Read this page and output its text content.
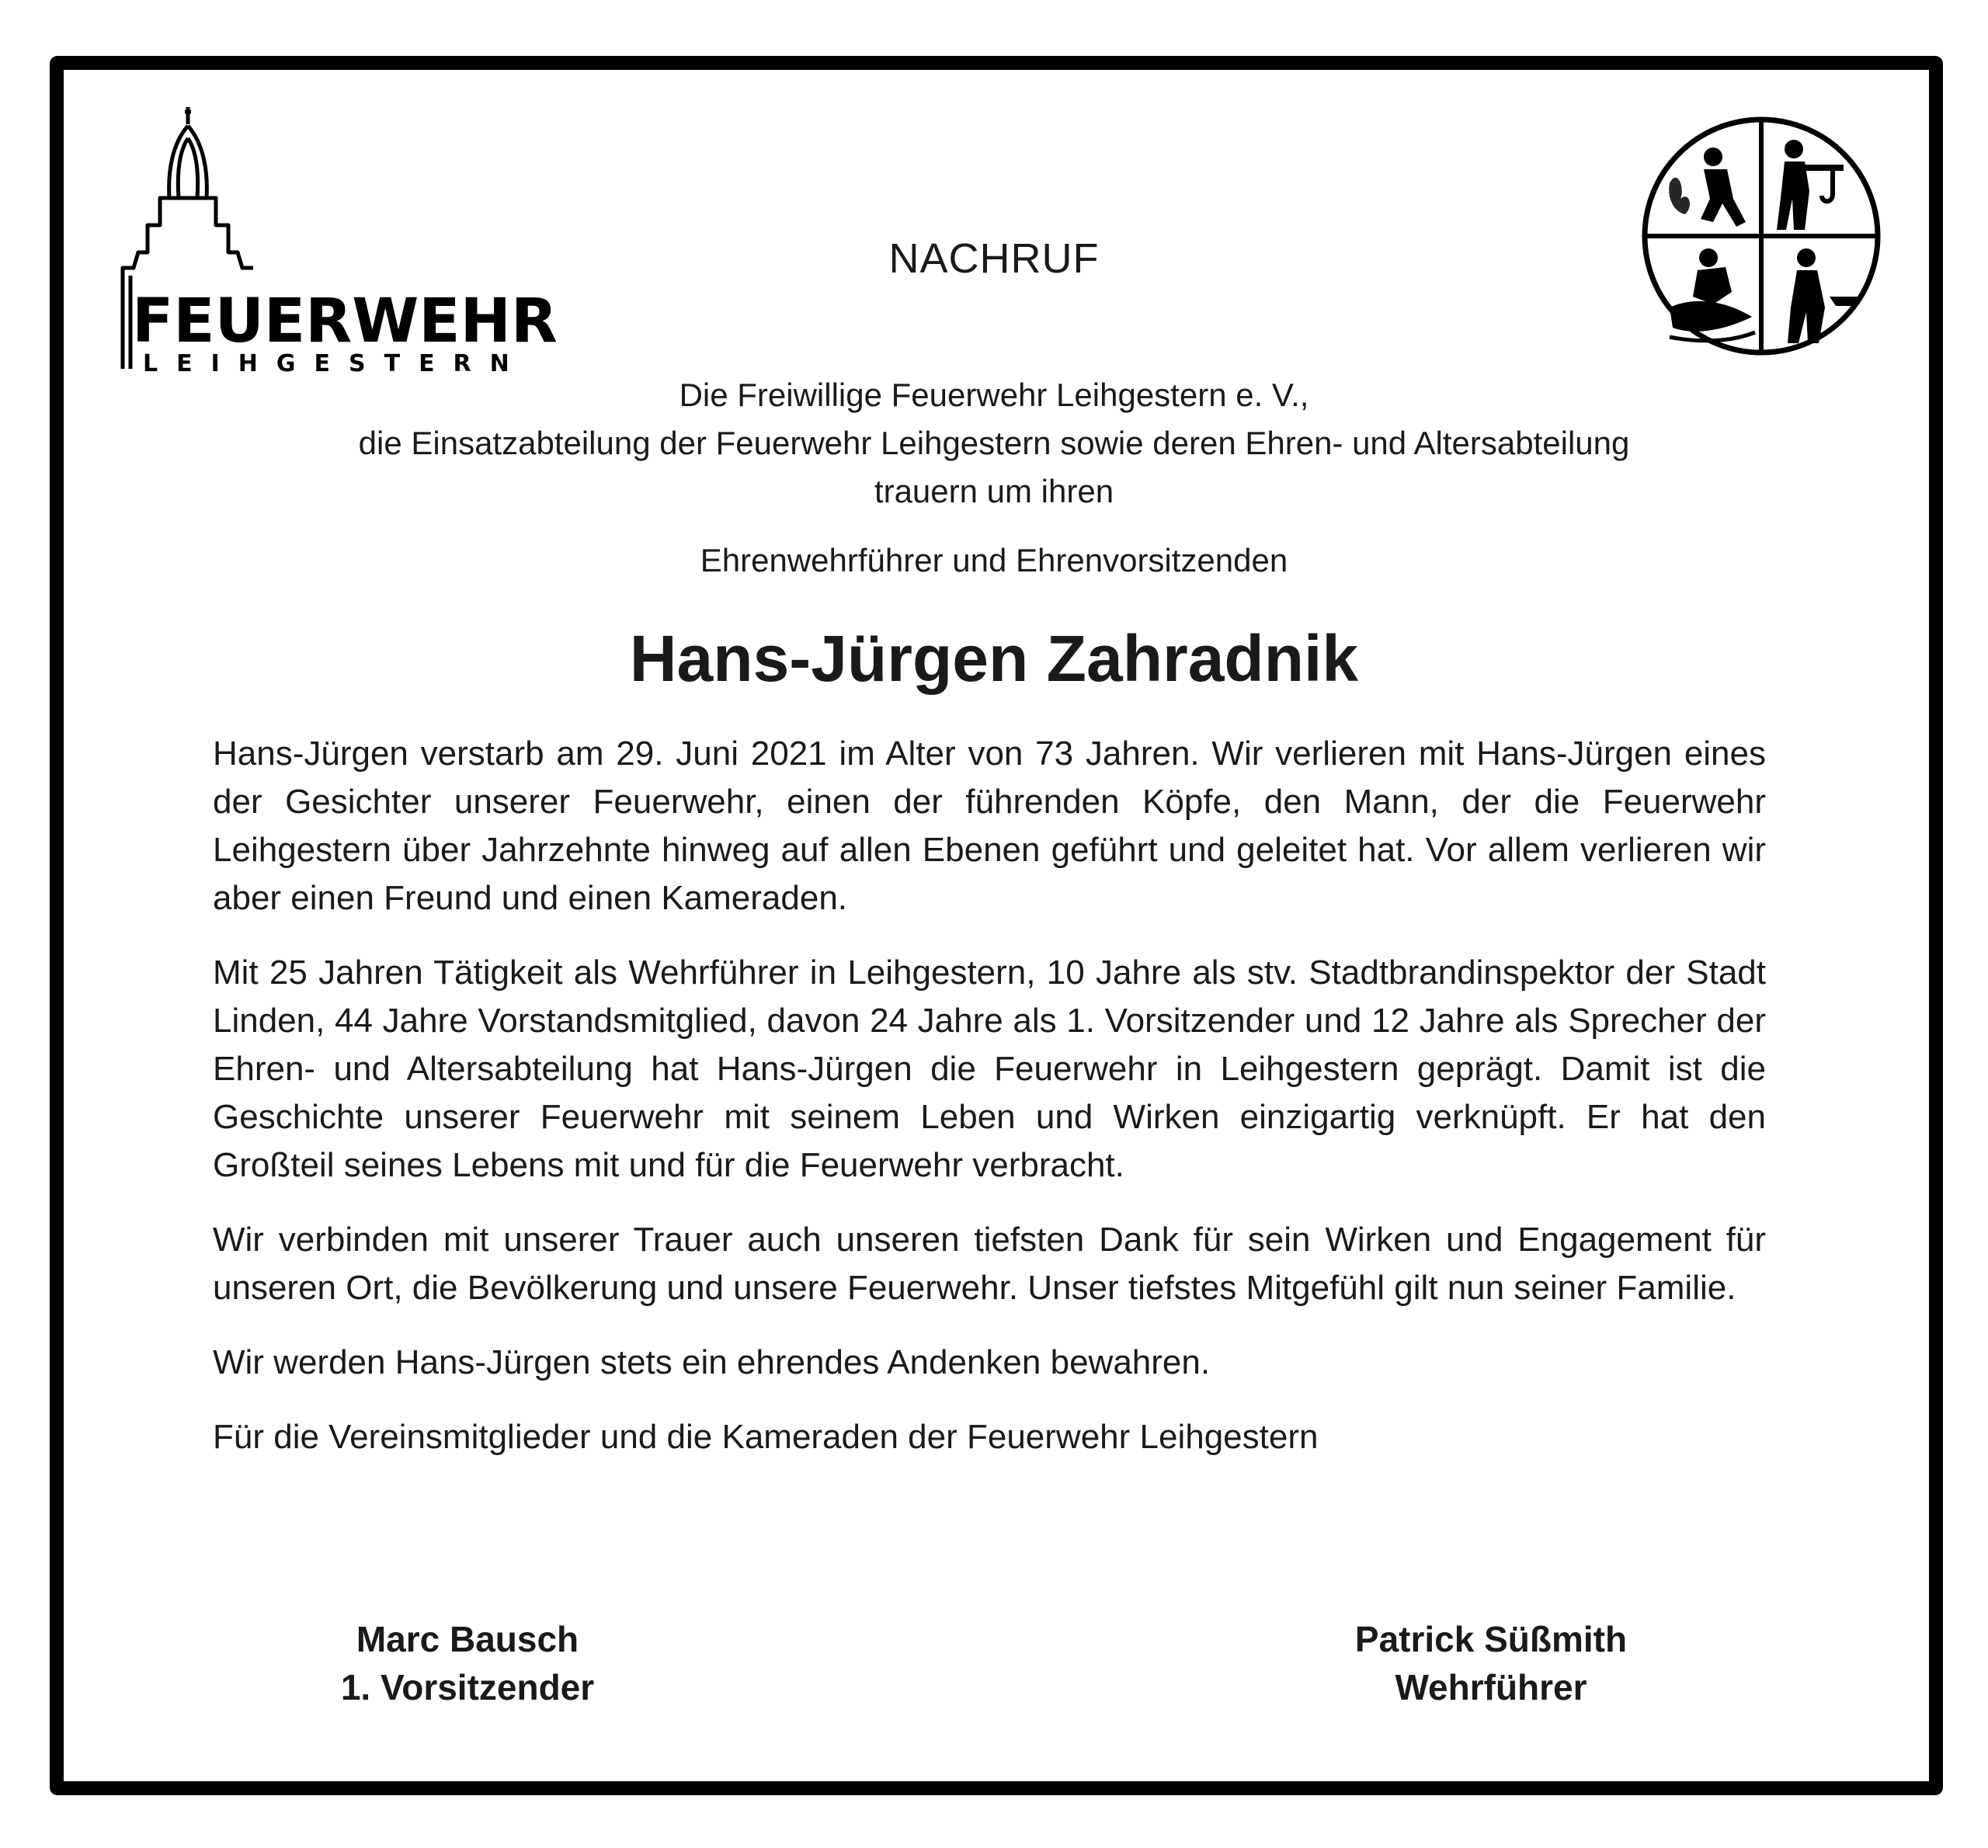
FEUERWEHR
LEIHGESTERN
NACHRUF
Die Freiwillige Feuerwehr Leihgestern e. V.,
die Einsatzabteilung der Feuerwehr Leihgestern sowie deren Ehren- und Altersabteilung
trauern um ihren
Ehrenwehrführer und Ehrenvorsitzenden
Hans-Jürgen Zahradnik

Hans-Jürgen verstarb am 29. Juni 2021 im Alter von 73 Jahren. Wir verlieren mit Hans-Jürgen eines der Gesichter unserer Feuerwehr, einen der führenden Köpfe, den Mann, der die Feuerwehr Leihgestern über Jahrzehnte hinweg auf allen Ebenen geführt und geleitet hat. Vor allem verlieren wir aber einen Freund und einen Kameraden.

Mit 25 Jahren Tätigkeit als Wehrführer in Leihgestern, 10 Jahre als stv. Stadtbrandinspektor der Stadt Linden, 44 Jahre Vorstandsmitglied, davon 24 Jahre als 1. Vorsitzender und 12 Jahre als Sprecher der Ehren- und Altersabteilung hat Hans-Jürgen die Feuerwehr in Leihgestern geprägt. Damit ist die Geschichte unserer Feuerwehr mit seinem Leben und Wirken einzigartig verknüpft. Er hat den Großteil seines Lebens mit und für die Feuerwehr verbracht.

Wir verbinden mit unserer Trauer auch unseren tiefsten Dank für sein Wirken und Engagement für unseren Ort, die Bevölkerung und unsere Feuerwehr. Unser tiefstes Mitgefühl gilt nun seiner Familie.

Wir werden Hans-Jürgen stets ein ehrendes Andenken bewahren.

Für die Vereinsmitglieder und die Kameraden der Feuerwehr Leihgestern

Marc Bausch
1. Vorsitzender
Patrick Süßmith
Wehrführer
